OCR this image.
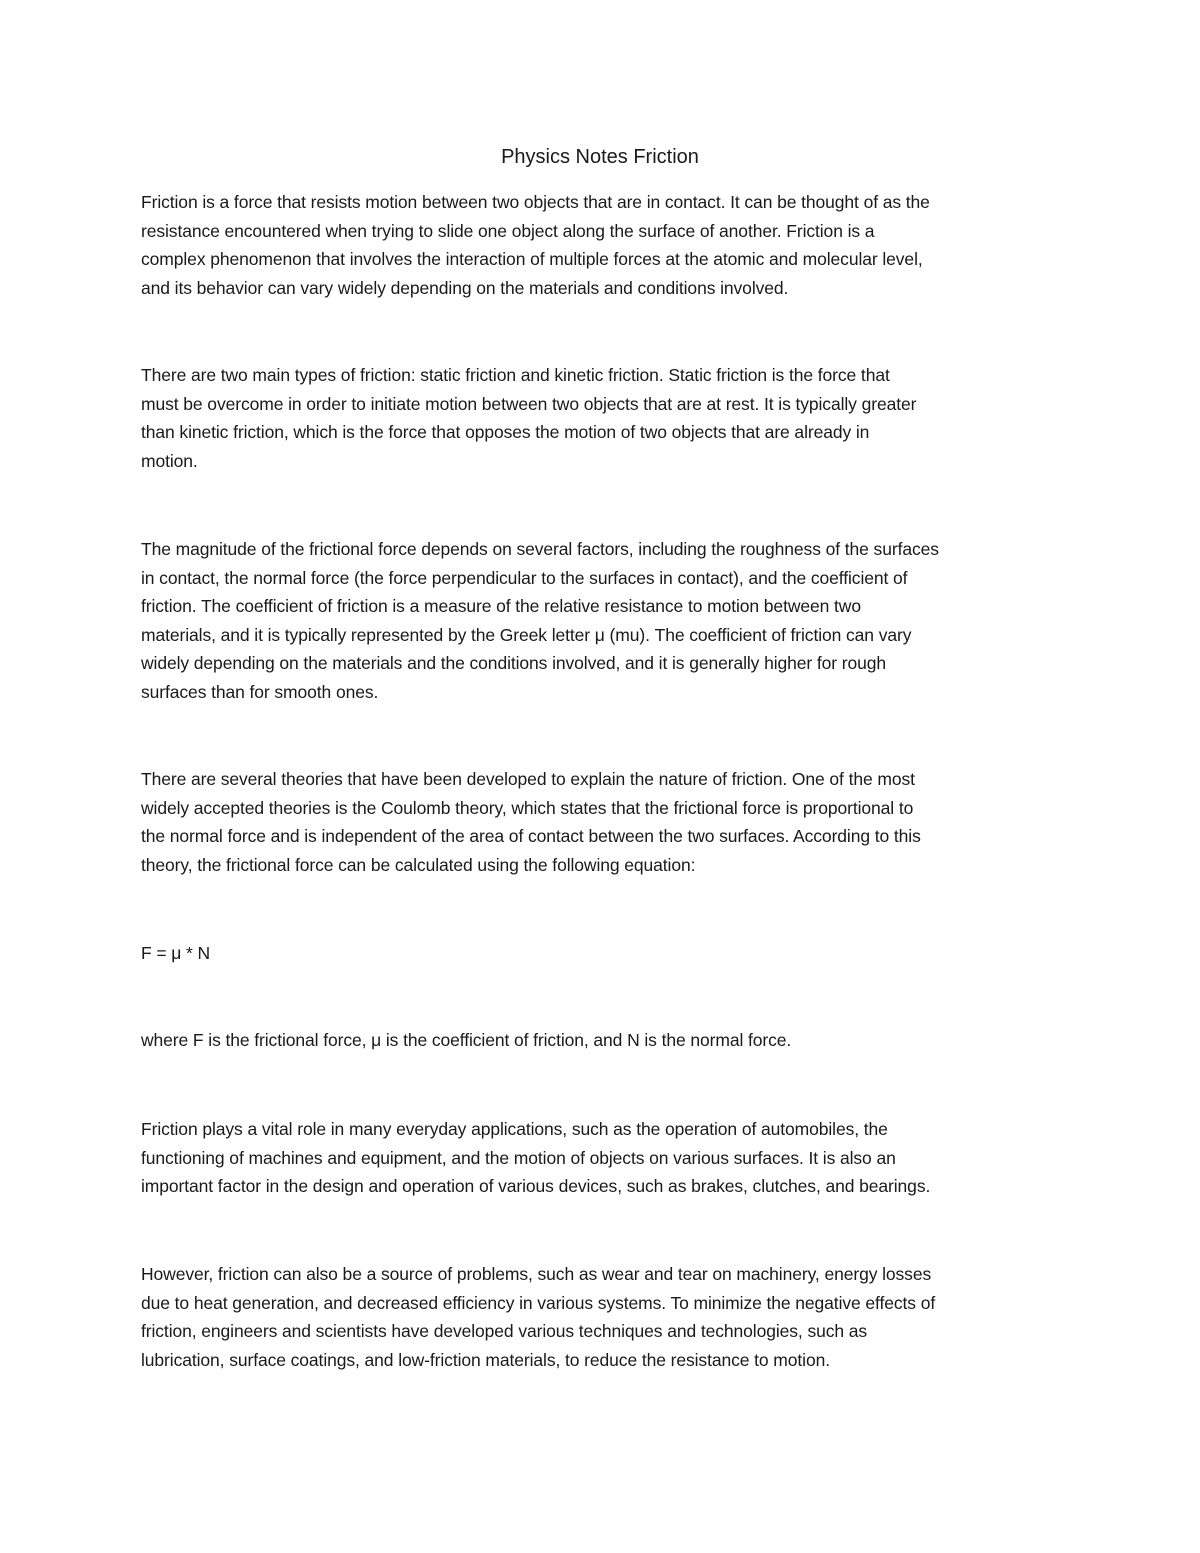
Physics Notes Friction

Friction is a force that resists motion between two objects that are in contact. It can be thought of as the
resistance encountered when trying to slide one object along the surface of another. Friction is a
complex phenomenon that involves the interaction of multiple forces at the atomic and molecular level,
and its behavior can vary widely depending on the materials and conditions involved.

There are two main types of friction: static friction and kinetic friction. Static friction is the force that
must be overcome in order to initiate motion between two objects that are at rest. It is typically greater
than kinetic friction, which is the force that opposes the motion of two objects that are already in
motion.

The magnitude of the frictional force depends on several factors, including the roughness of the surfaces
in contact, the normal force (the force perpendicular to the surfaces in contact), and the coefficient of
friction. The coefficient of friction is a measure of the relative resistance to motion between two
materials, and it is typically represented by the Greek letter μ (mu). The coefficient of friction can vary
widely depending on the materials and the conditions involved, and it is generally higher for rough
surfaces than for smooth ones.

There are several theories that have been developed to explain the nature of friction. One of the most
widely accepted theories is the Coulomb theory, which states that the frictional force is proportional to
the normal force and is independent of the area of contact between the two surfaces. According to this
theory, the frictional force can be calculated using the following equation:

F = μ * N

where F is the frictional force, μ is the coefficient of friction, and N is the normal force.

Friction plays a vital role in many everyday applications, such as the operation of automobiles, the
functioning of machines and equipment, and the motion of objects on various surfaces. It is also an
important factor in the design and operation of various devices, such as brakes, clutches, and bearings.

However, friction can also be a source of problems, such as wear and tear on machinery, energy losses
due to heat generation, and decreased efficiency in various systems. To minimize the negative effects of
friction, engineers and scientists have developed various techniques and technologies, such as
lubrication, surface coatings, and low-friction materials, to reduce the resistance to motion.
